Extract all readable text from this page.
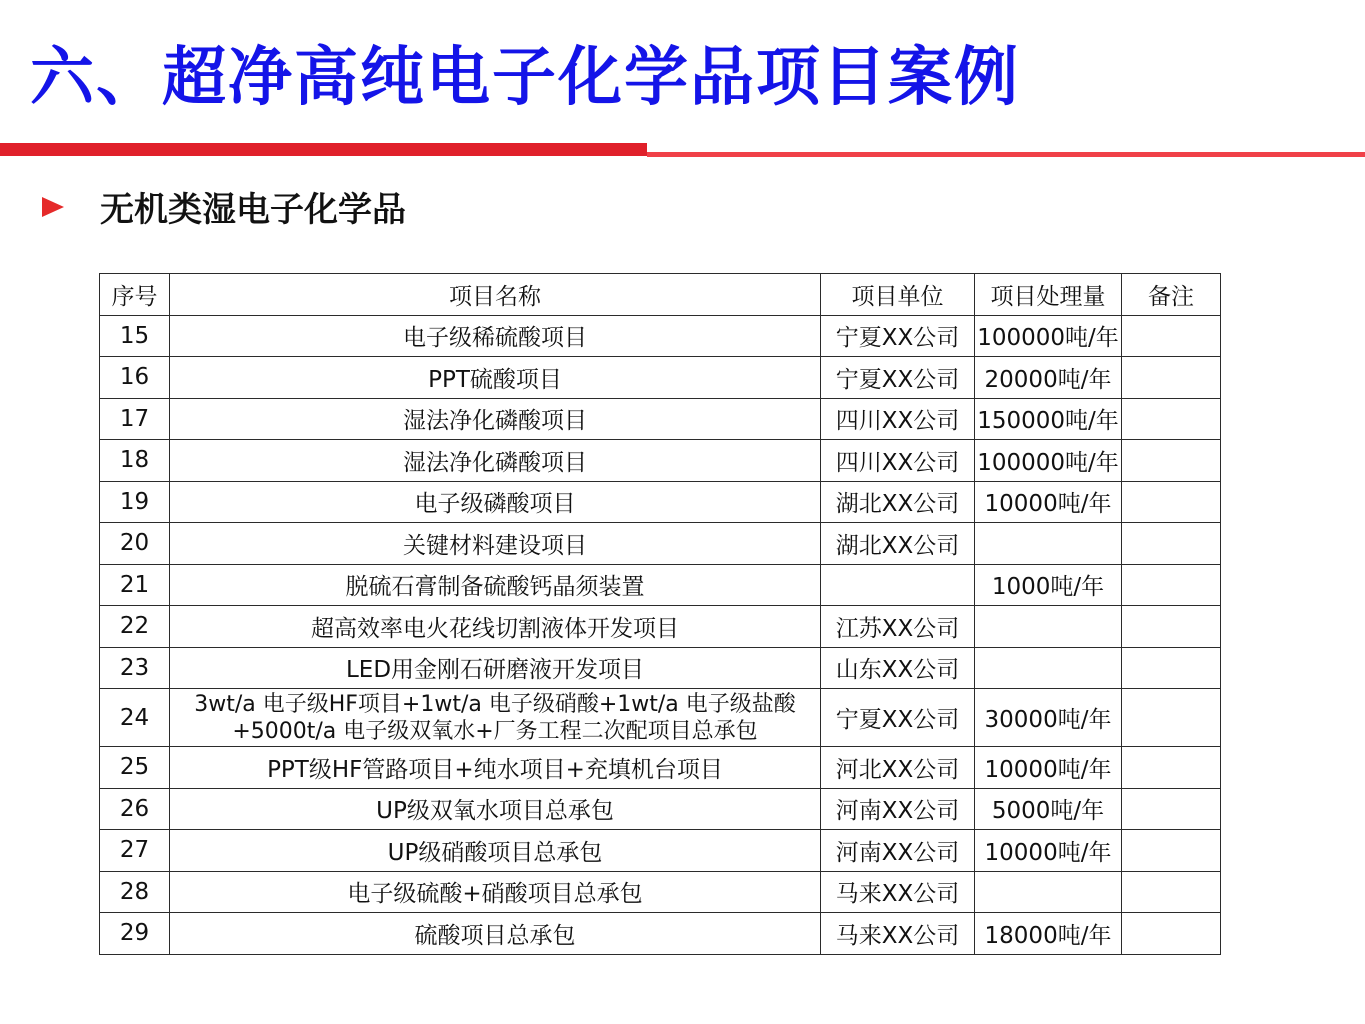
六、超净高纯电子化学品项目案例
无机类湿电子化学品
序号	项目名称	项目单位	项目处理量	备注
15	电子级稀硫酸项目	宁夏XX公司	100000吨/年	
16	PPT硫酸项目	宁夏XX公司	20000吨/年	
17	湿法净化磷酸项目	四川XX公司	150000吨/年	
18	湿法净化磷酸项目	四川XX公司	100000吨/年	
19	电子级磷酸项目	湖北XX公司	10000吨/年	
20	关键材料建设项目	湖北XX公司		
21	脱硫石膏制备硫酸钙晶须装置		1000吨/年	
22	超高效率电火花线切割液体开发项目	江苏XX公司		
23	LED用金刚石研磨液开发项目	山东XX公司		
24	3wt/a 电子级HF项目+1wt/a 电子级硝酸+1wt/a 电子级盐酸+5000t/a 电子级双氧水+厂务工程二次配项目总承包	宁夏XX公司	30000吨/年	
25	PPT级HF管路项目+纯水项目+充填机台项目	河北XX公司	10000吨/年	
26	UP级双氧水项目总承包	河南XX公司	5000吨/年	
27	UP级硝酸项目总承包	河南XX公司	10000吨/年	
28	电子级硫酸+硝酸项目总承包	马来XX公司		
29	硫酸项目总承包	马来XX公司	18000吨/年	
